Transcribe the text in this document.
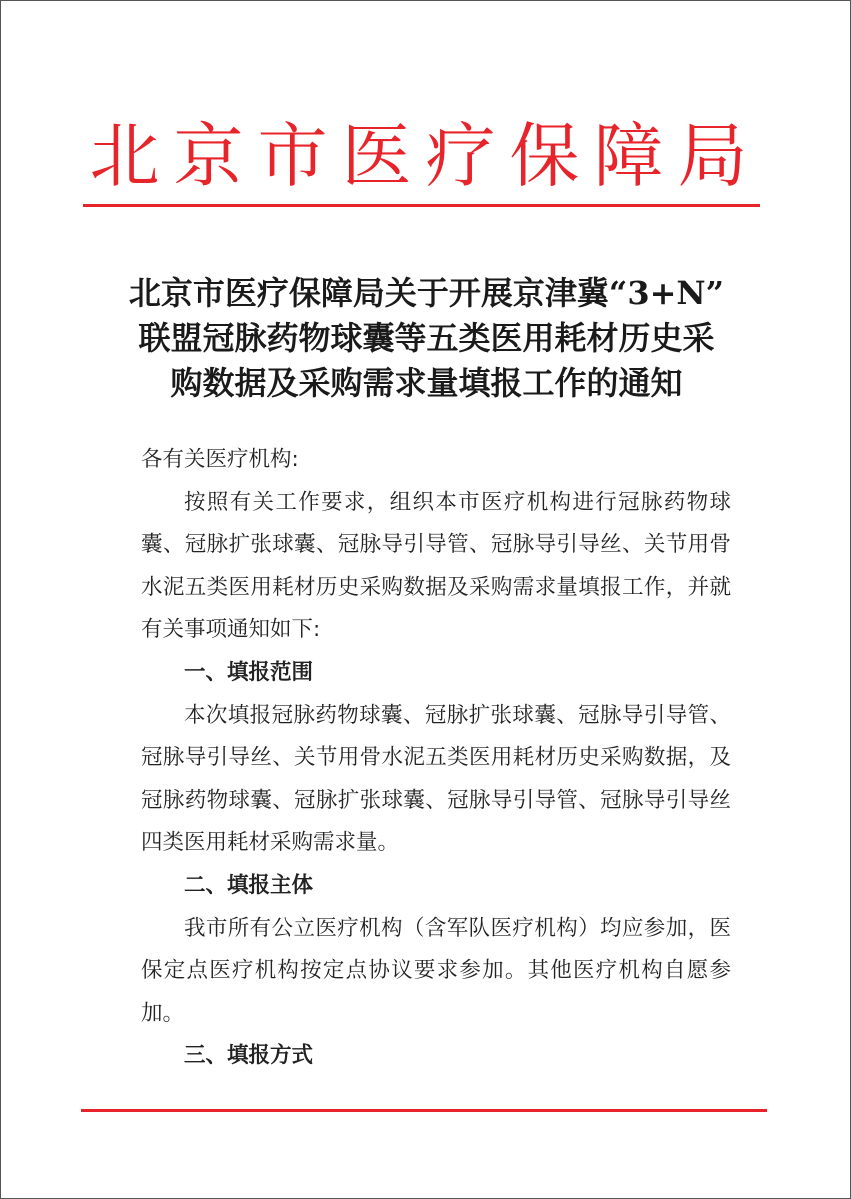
北京市医疗保障局
北京市医疗保障局关于开展京津冀“3+N”
联盟冠脉药物球囊等五类医用耗材历史采
购数据及采购需求量填报工作的通知

各有关医疗机构:

按照有关工作要求，组织本市医疗机构进行冠脉药物球囊、冠脉扩张球囊、冠脉导引导管、冠脉导引导丝、关节用骨水泥五类医用耗材历史采购数据及采购需求量填报工作，并就有关事项通知如下:

一、填报范围

本次填报冠脉药物球囊、冠脉扩张球囊、冠脉导引导管、冠脉导引导丝、关节用骨水泥五类医用耗材历史采购数据，及冠脉药物球囊、冠脉扩张球囊、冠脉导引导管、冠脉导引导丝四类医用耗材采购需求量。

二、填报主体

我市所有公立医疗机构（含军队医疗机构）均应参加，医保定点医疗机构按定点协议要求参加。其他医疗机构自愿参加。

三、填报方式
